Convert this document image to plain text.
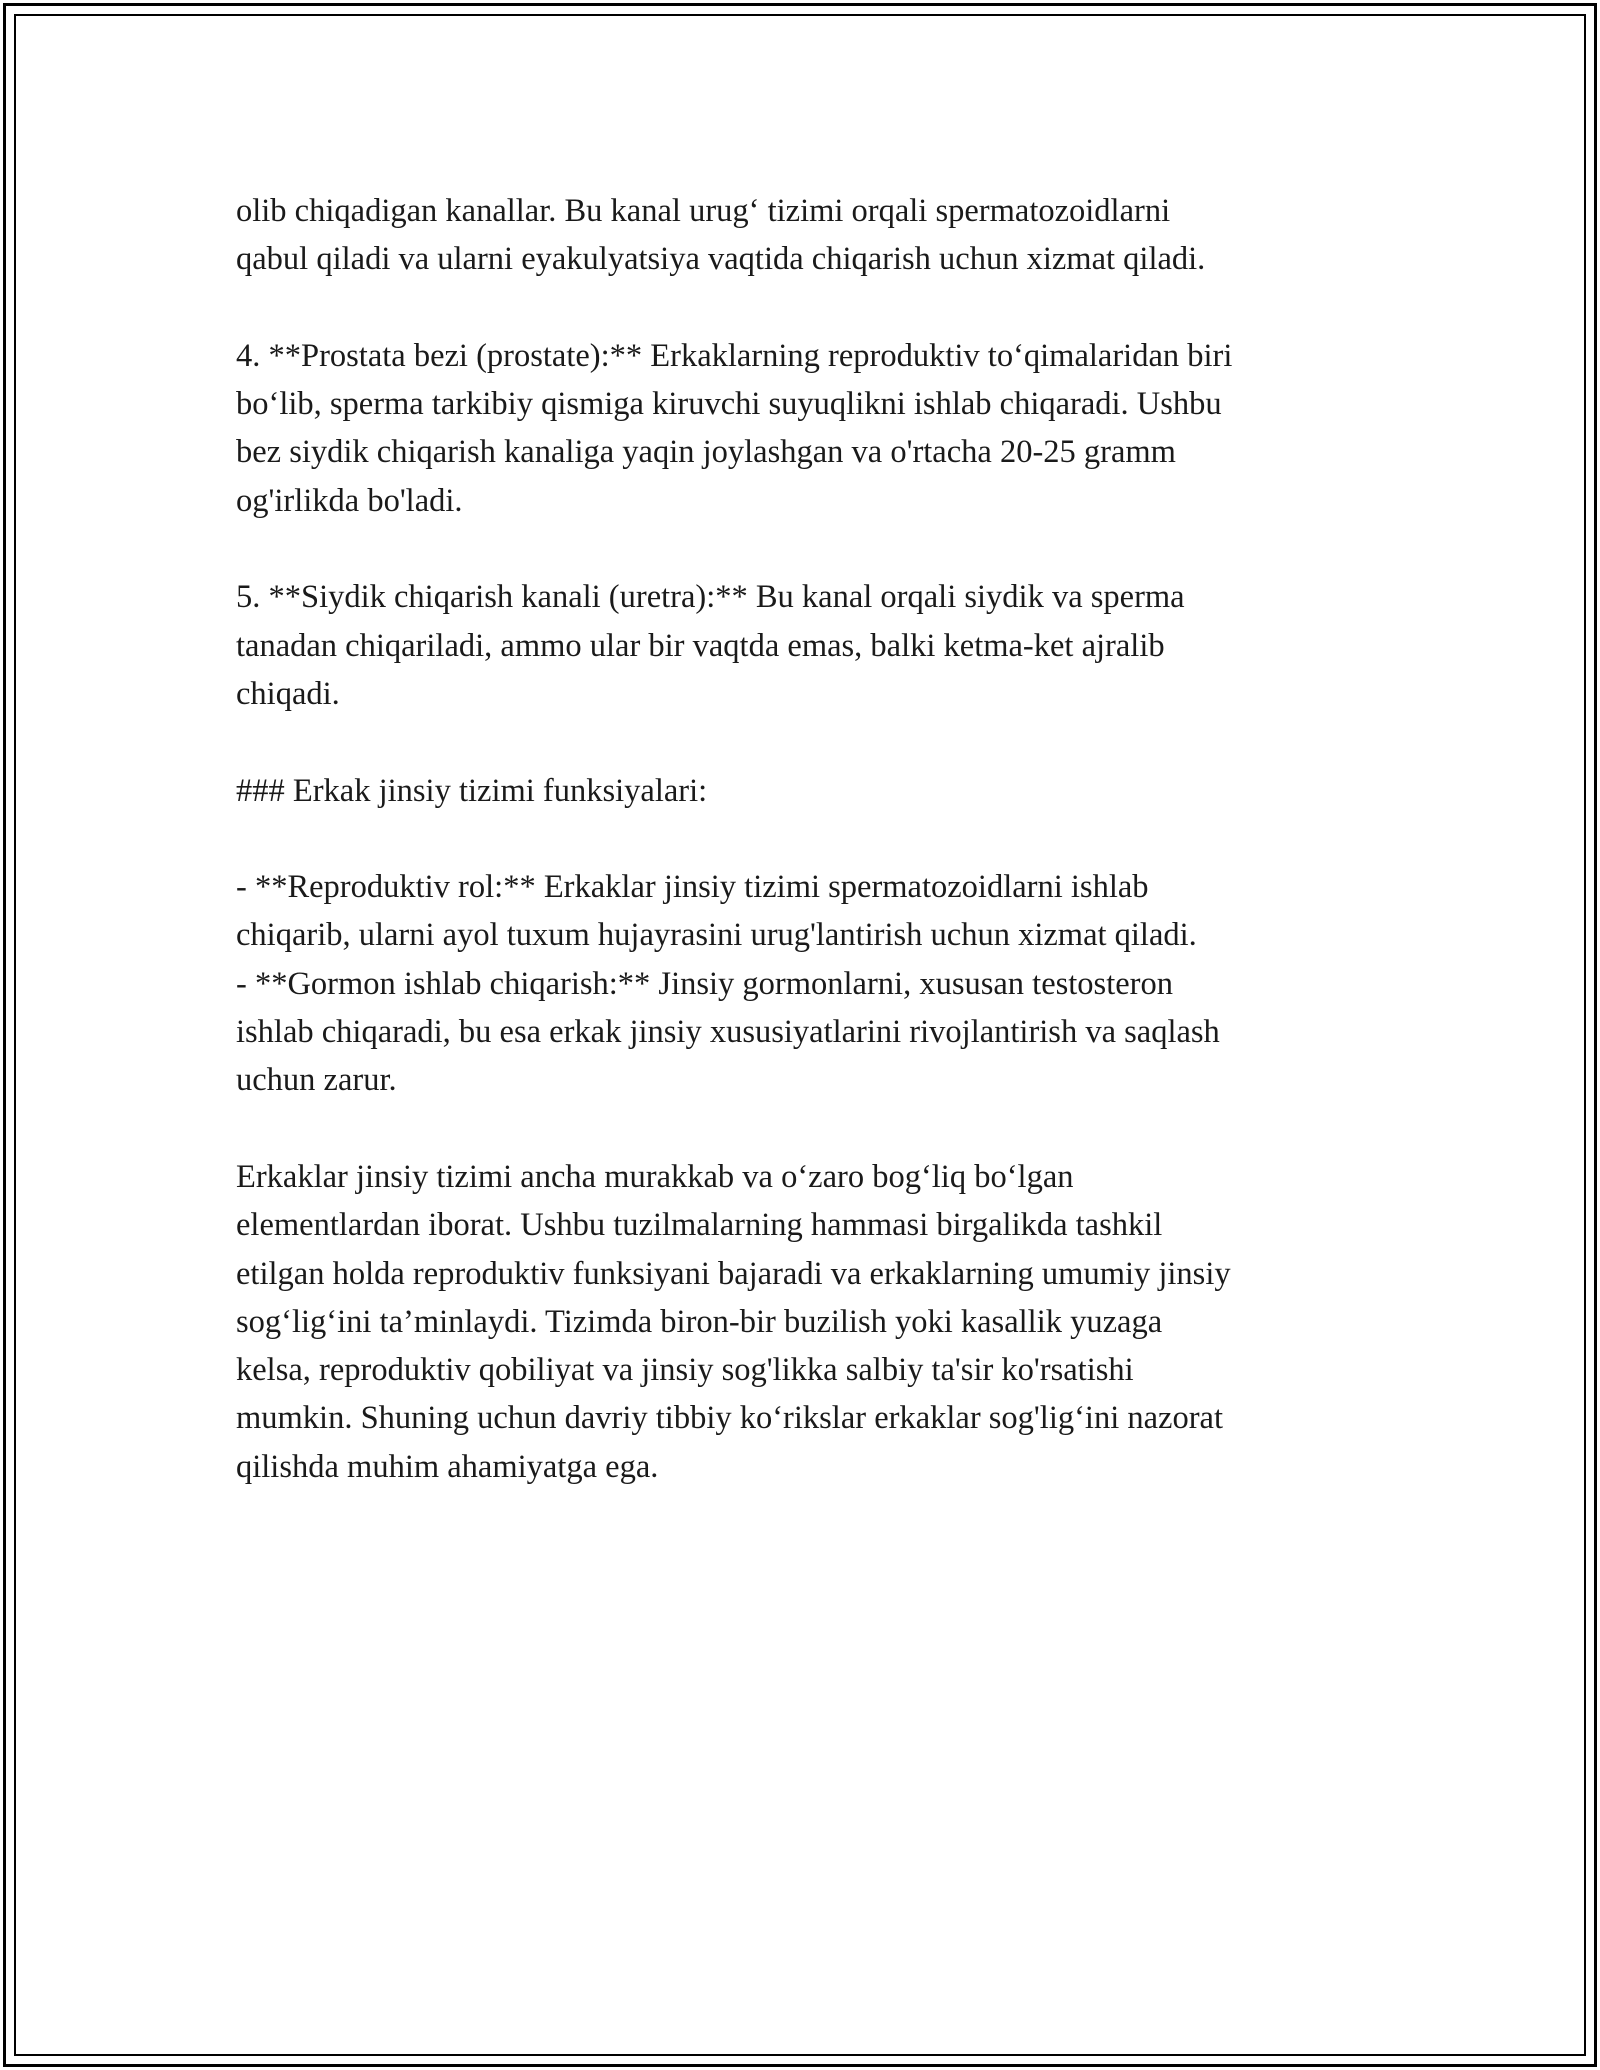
olib chiqadigan kanallar. Bu kanal urug‘ tizimi orqali spermatozoidlarni
qabul qiladi va ularni eyakulyatsiya vaqtida chiqarish uchun xizmat qiladi.

4. **Prostata bezi (prostate):** Erkaklarning reproduktiv to‘qimalaridan biri
bo‘lib, sperma tarkibiy qismiga kiruvchi suyuqlikni ishlab chiqaradi. Ushbu
bez siydik chiqarish kanaliga yaqin joylashgan va o'rtacha 20-25 gramm
og'irlikda bo'ladi.

5. **Siydik chiqarish kanali (uretra):** Bu kanal orqali siydik va sperma
tanadan chiqariladi, ammo ular bir vaqtda emas, balki ketma-ket ajralib
chiqadi.

### Erkak jinsiy tizimi funksiyalari:

- **Reproduktiv rol:** Erkaklar jinsiy tizimi spermatozoidlarni ishlab
chiqarib, ularni ayol tuxum hujayrasini urug'lantirish uchun xizmat qiladi.
- **Gormon ishlab chiqarish:** Jinsiy gormonlarni, xususan testosteron
ishlab chiqaradi, bu esa erkak jinsiy xususiyatlarini rivojlantirish va saqlash
uchun zarur.

Erkaklar jinsiy tizimi ancha murakkab va o‘zaro bog‘liq bo‘lgan
elementlardan iborat. Ushbu tuzilmalarning hammasi birgalikda tashkil
etilgan holda reproduktiv funksiyani bajaradi va erkaklarning umumiy jinsiy
sog‘lig‘ini ta’minlaydi. Tizimda biron-bir buzilish yoki kasallik yuzaga
kelsa, reproduktiv qobiliyat va jinsiy sog'likka salbiy ta'sir ko'rsatishi
mumkin. Shuning uchun davriy tibbiy ko‘rikslar erkaklar sog'lig‘ini nazorat
qilishda muhim ahamiyatga ega.
